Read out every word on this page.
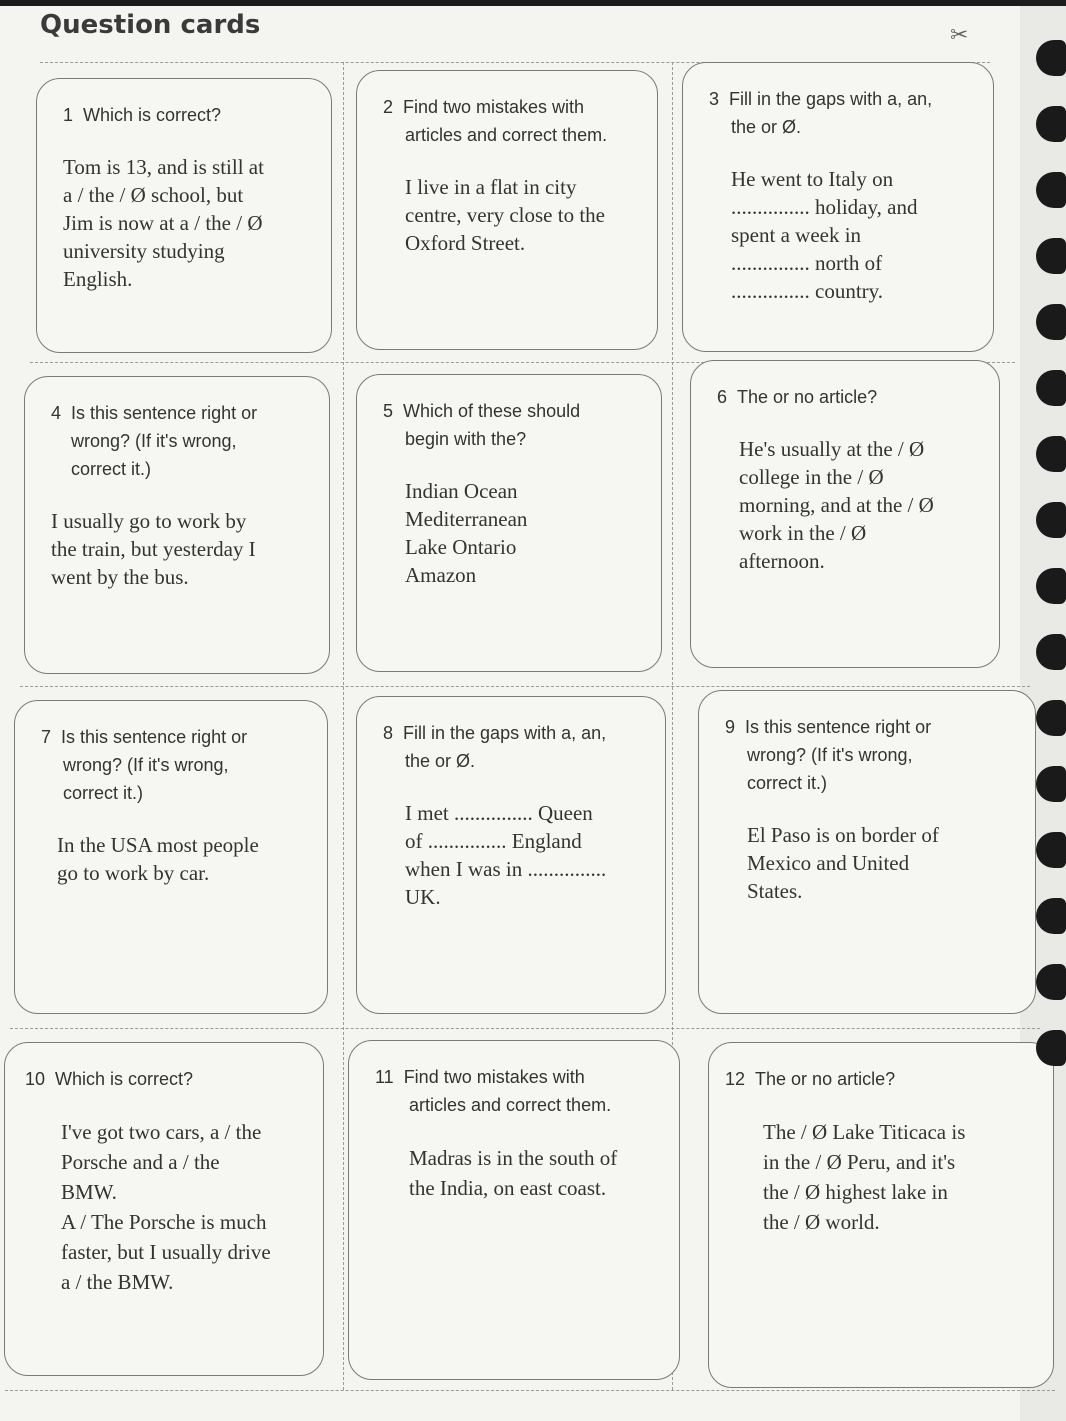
Question cards	✂
1 Which is correct?
Tom is 13, and is still at
a / the / Ø school, but
Jim is now at a / the / Ø
university studying
English.
2 Find two mistakes with
articles and correct them.
I live in a flat in city
centre, very close to the
Oxford Street.
3 Fill in the gaps with a, an,
the or Ø.
He went to Italy on
............... holiday, and
spent a week in
............... north of
............... country.
4 Is this sentence right or
wrong? (If it's wrong,
correct it.)
I usually go to work by
the train, but yesterday I
went by the bus.
5 Which of these should
begin with the?
Indian Ocean
Mediterranean
Lake Ontario
Amazon
6 The or no article?
He's usually at the / Ø
college in the / Ø
morning, and at the / Ø
work in the / Ø
afternoon.
7 Is this sentence right or
wrong? (If it's wrong,
correct it.)
In the USA most people
go to work by car.
8 Fill in the gaps with a, an,
the or Ø.
I met ............... Queen
of ............... England
when I was in ...............
UK.
9 Is this sentence right or
wrong? (If it's wrong,
correct it.)
El Paso is on border of
Mexico and United
States.
10 Which is correct?
I've got two cars, a / the
Porsche and a / the
BMW.
A / The Porsche is much
faster, but I usually drive
a / the BMW.
11 Find two mistakes with
articles and correct them.
Madras is in the south of
the India, on east coast.
12 The or no article?
The / Ø Lake Titicaca is
in the / Ø Peru, and it's
the / Ø highest lake in
the / Ø world.
